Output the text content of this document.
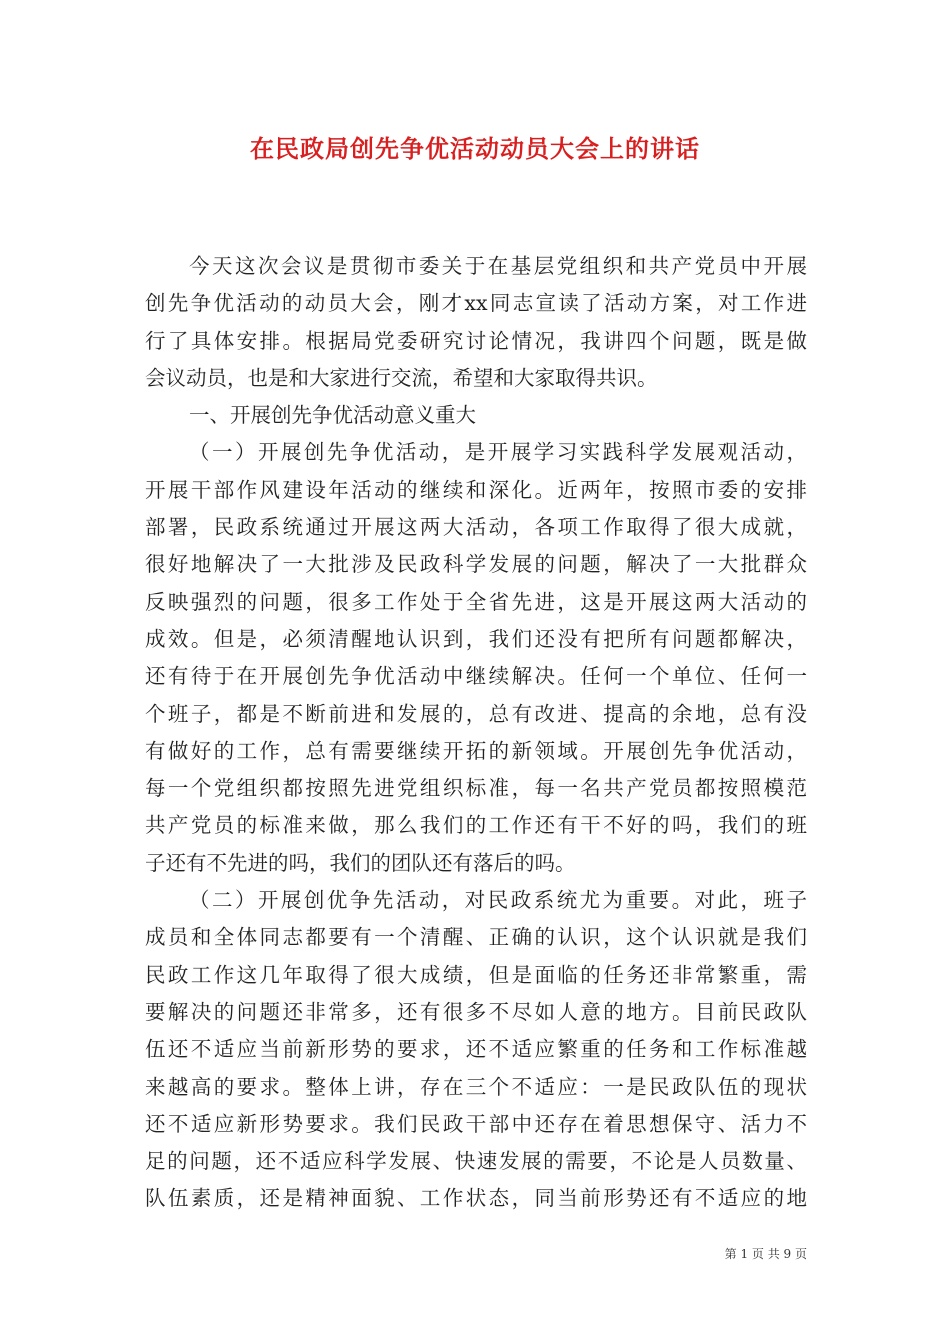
在民政局创先争优活动动员大会上的讲话
今天这次会议是贯彻市委关于在基层党组织和共产党员中开展
创先争优活动的动员大会，刚才xx同志宣读了活动方案，对工作进
行了具体安排。根据局党委研究讨论情况，我讲四个问题，既是做
会议动员，也是和大家进行交流，希望和大家取得共识。
一、开展创先争优活动意义重大
（一）开展创先争优活动，是开展学习实践科学发展观活动，
开展干部作风建设年活动的继续和深化。近两年，按照市委的安排
部署，民政系统通过开展这两大活动，各项工作取得了很大成就，
很好地解决了一大批涉及民政科学发展的问题，解决了一大批群众
反映强烈的问题，很多工作处于全省先进，这是开展这两大活动的
成效。但是，必须清醒地认识到，我们还没有把所有问题都解决，
还有待于在开展创先争优活动中继续解决。任何一个单位、任何一
个班子，都是不断前进和发展的，总有改进、提高的余地，总有没
有做好的工作，总有需要继续开拓的新领域。开展创先争优活动，
每一个党组织都按照先进党组织标准，每一名共产党员都按照模范
共产党员的标准来做，那么我们的工作还有干不好的吗，我们的班
子还有不先进的吗，我们的团队还有落后的吗。
（二）开展创优争先活动，对民政系统尤为重要。对此，班子
成员和全体同志都要有一个清醒、正确的认识，这个认识就是我们
民政工作这几年取得了很大成绩，但是面临的任务还非常繁重，需
要解决的问题还非常多，还有很多不尽如人意的地方。目前民政队
伍还不适应当前新形势的要求，还不适应繁重的任务和工作标准越
来越高的要求。整体上讲，存在三个不适应：一是民政队伍的现状
还不适应新形势要求。我们民政干部中还存在着思想保守、活力不
足的问题，还不适应科学发展、快速发展的需要，不论是人员数量、
队伍素质，还是精神面貌、工作状态，同当前形势还有不适应的地
第 1 页 共 9 页
